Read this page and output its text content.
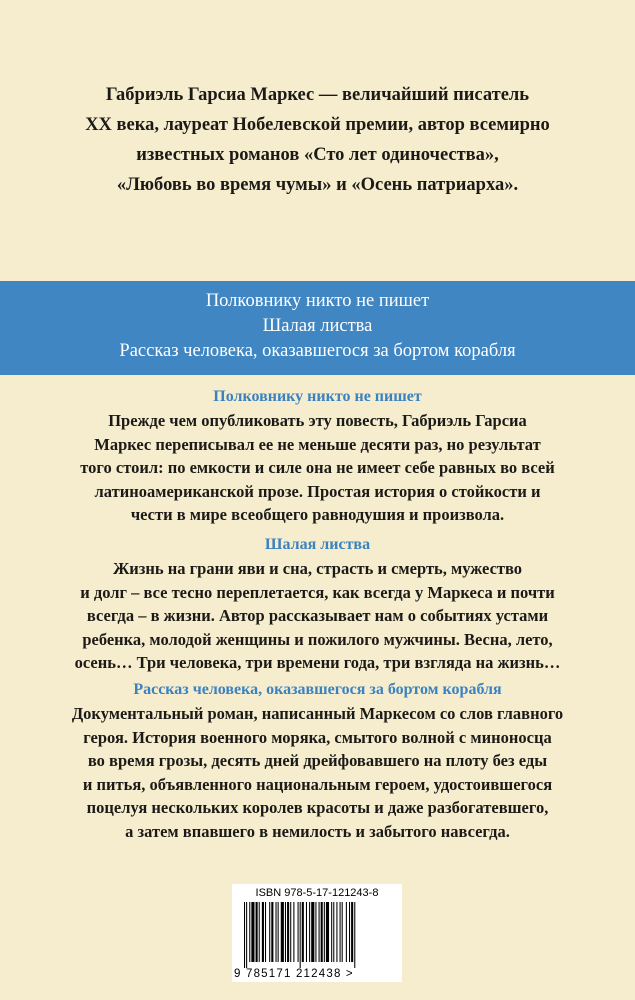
Габриэль Гарсиа Маркес — величайший писатель
XX века, лауреат Нобелевской премии, автор всемирно
известных романов «Сто лет одиночества»,
«Любовь во время чумы» и «Осень патриарха».
Полковнику никто не пишет
Шалая листва
Рассказ человека, оказавшегося за бортом корабля
Полковнику никто не пишет
Прежде чем опубликовать эту повесть, Габриэль Гарсиа
Маркес переписывал ее не меньше десяти раз, но результат
того стоил: по емкости и силе она не имеет себе равных во всей
латиноамериканской прозе. Простая история о стойкости и
чести в мире всеобщего равнодушия и произвола.
Шалая листва
Жизнь на грани яви и сна, страсть и смерть, мужество
и долг – все тесно переплетается, как всегда у Маркеса и почти
всегда – в жизни. Автор рассказывает нам о событиях устами
ребенка, молодой женщины и пожилого мужчины. Весна, лето,
осень… Три человека, три времени года, три взгляда на жизнь…
Рассказ человека, оказавшегося за бортом корабля
Документальный роман, написанный Маркесом со слов главного
героя. История военного моряка, смытого волной с миноносца
во время грозы, десять дней дрейфовавшего на плоту без еды
и питья, объявленного национальным героем, удостоившегося
поцелуя нескольких королев красоты и даже разбогатевшего,
а затем впавшего в немилость и забытого навсегда.
ISBN 978-5-17-121243-8
9 785171 212438 >
